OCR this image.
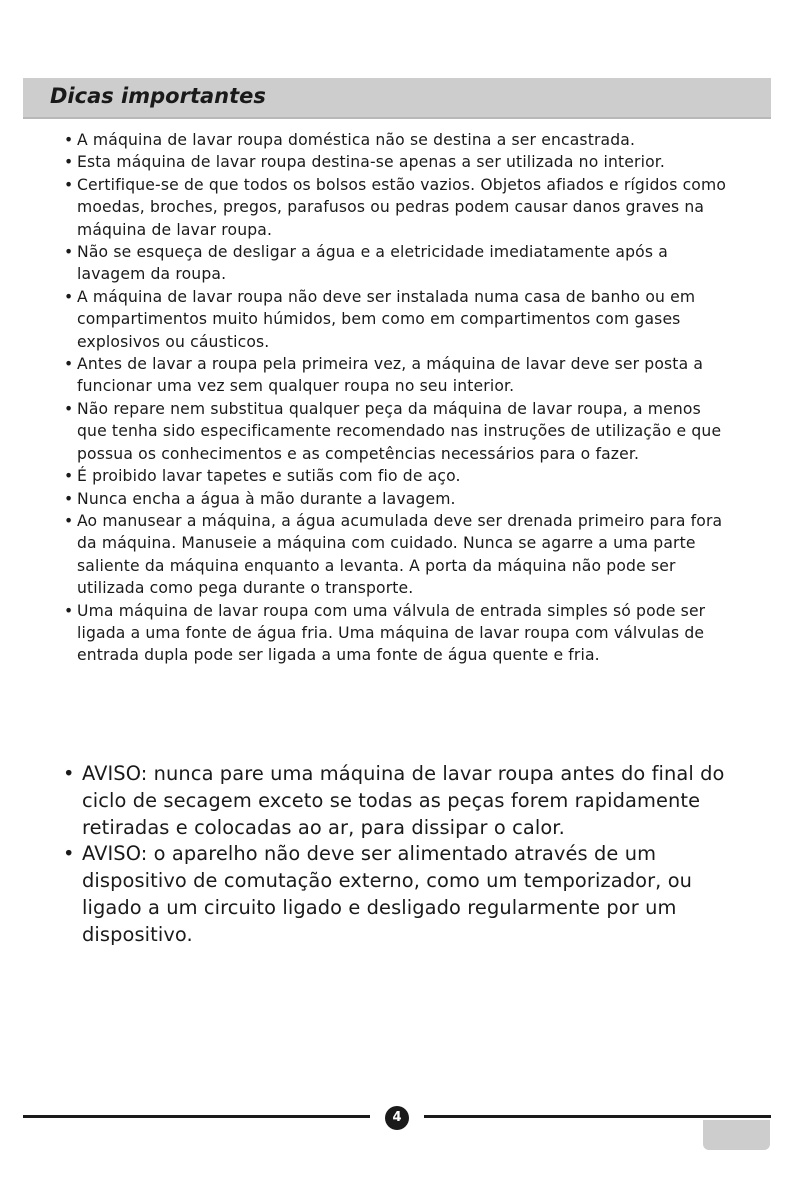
Dicas importantes
• A máquina de lavar roupa doméstica não se destina a ser encastrada.
• Esta máquina de lavar roupa destina-se apenas a ser utilizada no interior.
• Certifique-se de que todos os bolsos estão vazios. Objetos afiados e rígidos como moedas, broches, pregos, parafusos ou pedras podem causar danos graves na máquina de lavar roupa.
• Não se esqueça de desligar a água e a eletricidade imediatamente após a lavagem da roupa.
• A máquina de lavar roupa não deve ser instalada numa casa de banho ou em compartimentos muito húmidos, bem como em compartimentos com gases explosivos ou cáusticos.
• Antes de lavar a roupa pela primeira vez, a máquina de lavar deve ser posta a funcionar uma vez sem qualquer roupa no seu interior.
• Não repare nem substitua qualquer peça da máquina de lavar roupa, a menos que tenha sido especificamente recomendado nas instruções de utilização e que possua os conhecimentos e as competências necessários para o fazer.
• É proibido lavar tapetes e sutiãs com fio de aço.
• Nunca encha a água à mão durante a lavagem.
• Ao manusear a máquina, a água acumulada deve ser drenada primeiro para fora da máquina. Manuseie a máquina com cuidado. Nunca se agarre a uma parte saliente da máquina enquanto a levanta. A porta da máquina não pode ser utilizada como pega durante o transporte.
• Uma máquina de lavar roupa com uma válvula de entrada simples só pode ser ligada a uma fonte de água fria. Uma máquina de lavar roupa com válvulas de entrada dupla pode ser ligada a uma fonte de água quente e fria.
• AVISO: nunca pare uma máquina de lavar roupa antes do final do ciclo de secagem exceto se todas as peças forem rapidamente retiradas e colocadas ao ar, para dissipar o calor.
• AVISO: o aparelho não deve ser alimentado através de um dispositivo de comutação externo, como um temporizador, ou ligado a um circuito ligado e desligado regularmente por um dispositivo.
4
